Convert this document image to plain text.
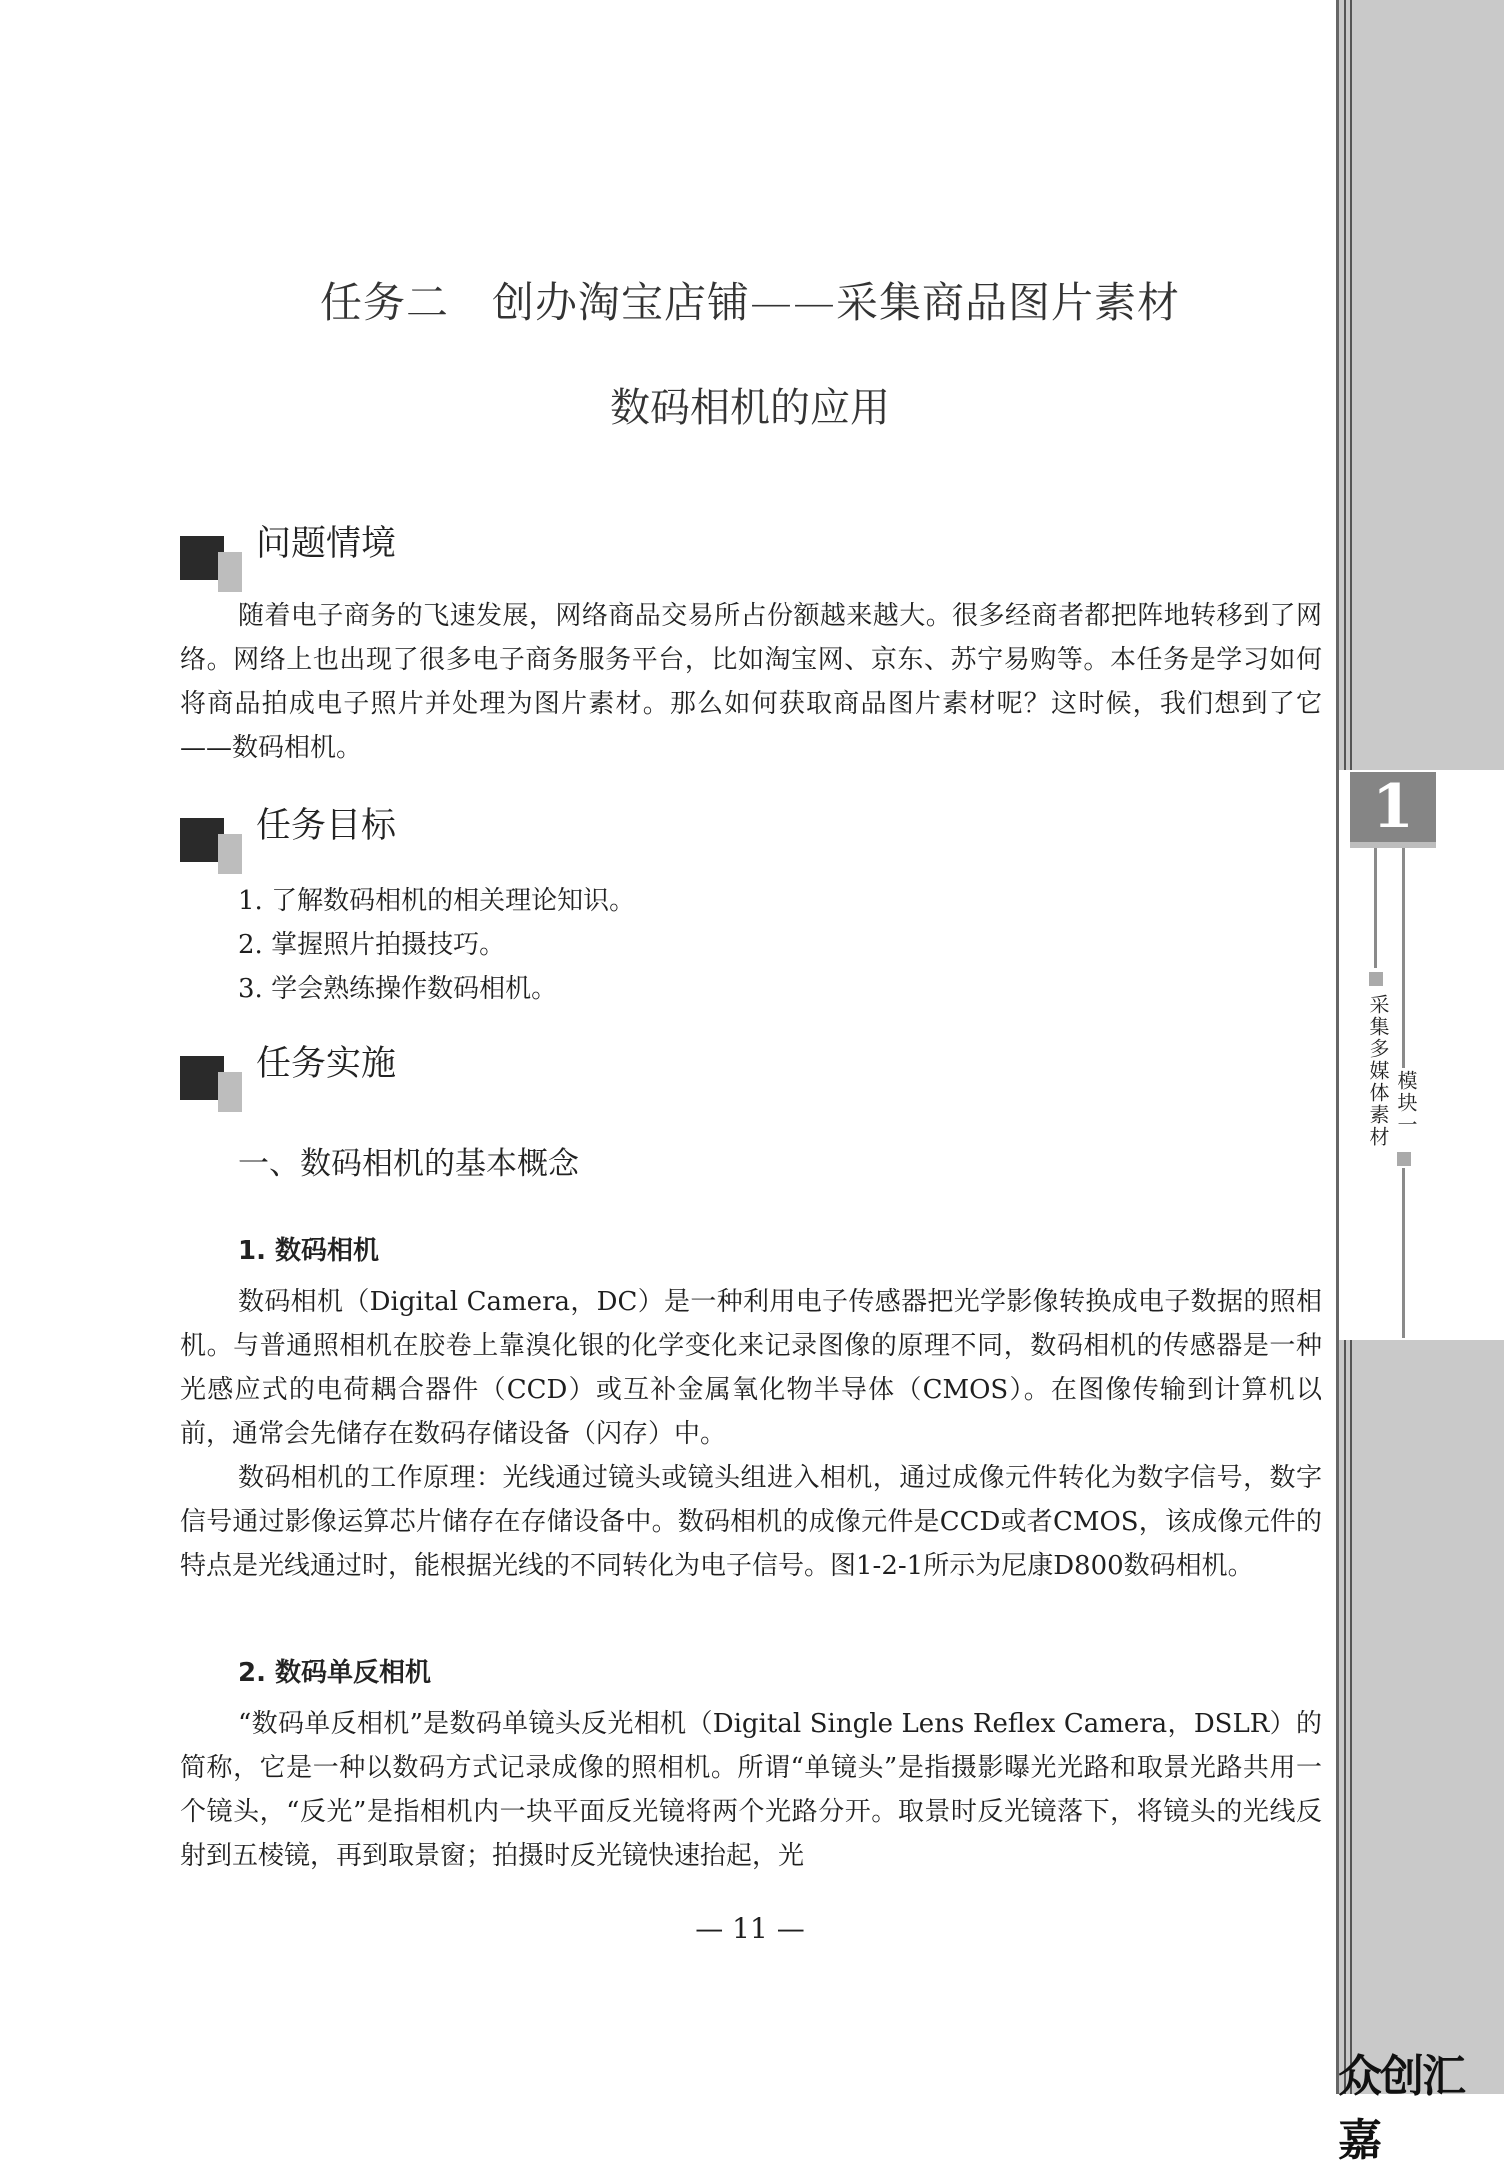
任务二　创办淘宝店铺——采集商品图片素材
数码相机的应用
问题情境

随着电子商务的飞速发展，网络商品交易所占份额越来越大。很多经商者都把阵地转移到了网络。网络上也出现了很多电子商务服务平台，比如淘宝网、京东、苏宁易购等。本任务是学习如何将商品拍成电子照片并处理为图片素材。那么如何获取商品图片素材呢？这时候，我们想到了它——数码相机。

任务目标
1. 了解数码相机的相关理论知识。
2. 掌握照片拍摄技巧。
3. 学会熟练操作数码相机。
任务实施
一、数码相机的基本概念
1. 数码相机

数码相机（Digital Camera，DC）是一种利用电子传感器把光学影像转换成电子数据的照相机。与普通照相机在胶卷上靠溴化银的化学变化来记录图像的原理不同，数码相机的传感器是一种光感应式的电荷耦合器件（CCD）或互补金属氧化物半导体（CMOS）。在图像传输到计算机以前，通常会先储存在数码存储设备（闪存）中。

数码相机的工作原理：光线通过镜头或镜头组进入相机，通过成像元件转化为数字信号，数字信号通过影像运算芯片储存在存储设备中。数码相机的成像元件是CCD或者CMOS，该成像元件的特点是光线通过时，能根据光线的不同转化为电子信号。图1-2-1所示为尼康D800数码相机。

2. 数码单反相机

“数码单反相机”是数码单镜头反光相机（Digital Single Lens Reflex Camera，DSLR）的简称，它是一种以数码方式记录成像的照相机。所谓“单镜头”是指摄影曝光光路和取景光路共用一个镜头，“反光”是指相机内一块平面反光镜将两个光路分开。取景时反光镜落下，将镜头的光线反射到五棱镜，再到取景窗；拍摄时反光镜快速抬起，光

— 11 —
1
采集多媒体素材 模块一
众创汇嘉
